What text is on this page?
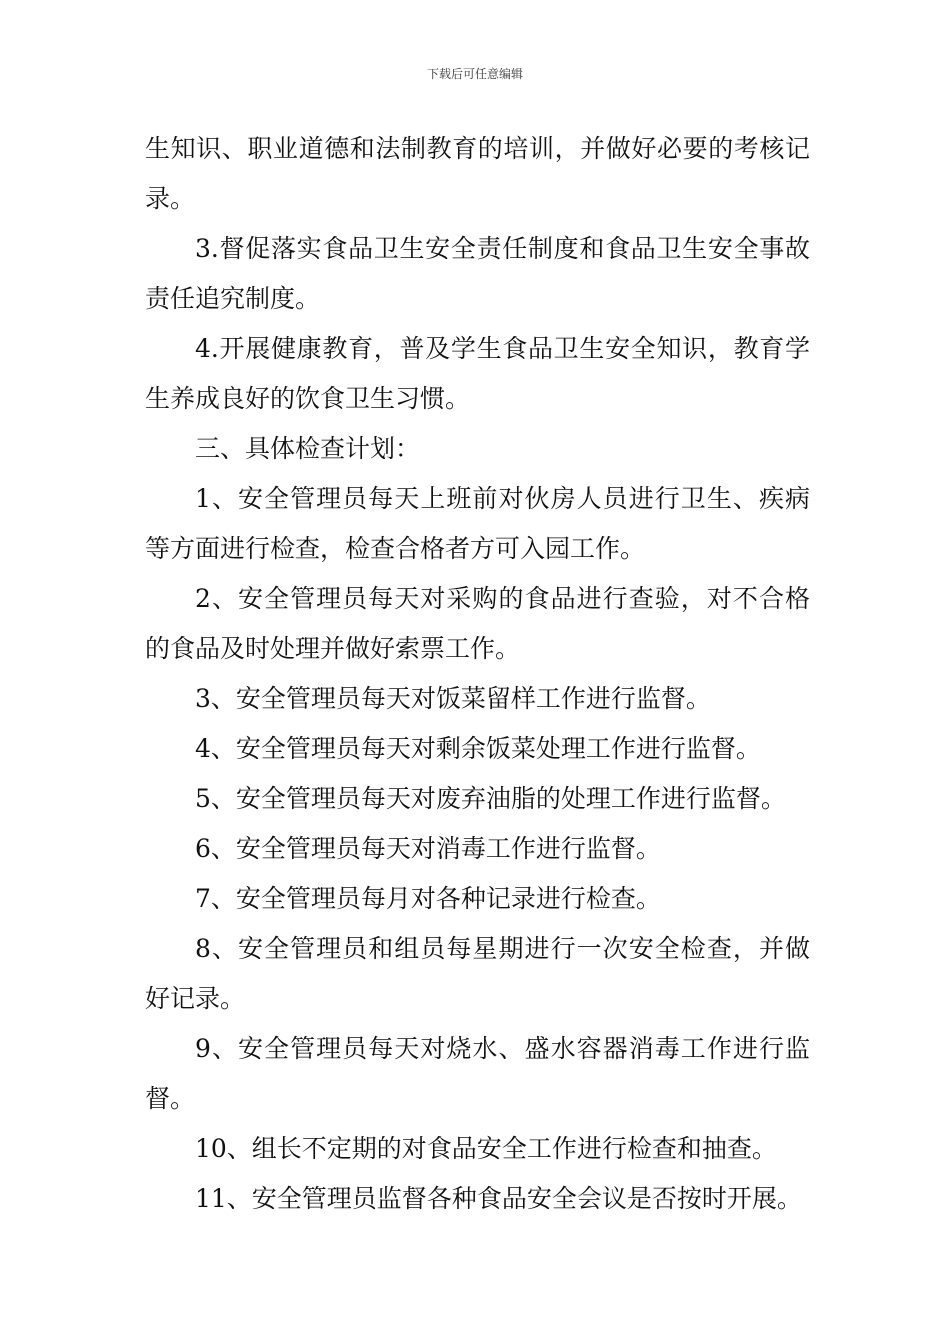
下载后可任意编辑

生知识、职业道德和法制教育的培训，并做好必要的考核记录。

3.督促落实食品卫生安全责任制度和食品卫生安全事故责任追究制度。

4.开展健康教育，普及学生食品卫生安全知识，教育学生养成良好的饮食卫生习惯。

三、具体检查计划：

1、安全管理员每天上班前对伙房人员进行卫生、疾病等方面进行检查，检查合格者方可入园工作。

2、安全管理员每天对采购的食品进行查验，对不合格的食品及时处理并做好索票工作。

3、安全管理员每天对饭菜留样工作进行监督。

4、安全管理员每天对剩余饭菜处理工作进行监督。

5、安全管理员每天对废弃油脂的处理工作进行监督。

6、安全管理员每天对消毒工作进行监督。

7、安全管理员每月对各种记录进行检查。

8、安全管理员和组员每星期进行一次安全检查，并做好记录。

9、安全管理员每天对烧水、盛水容器消毒工作进行监督。

10、组长不定期的对食品安全工作进行检查和抽查。

11、安全管理员监督各种食品安全会议是否按时开展。
